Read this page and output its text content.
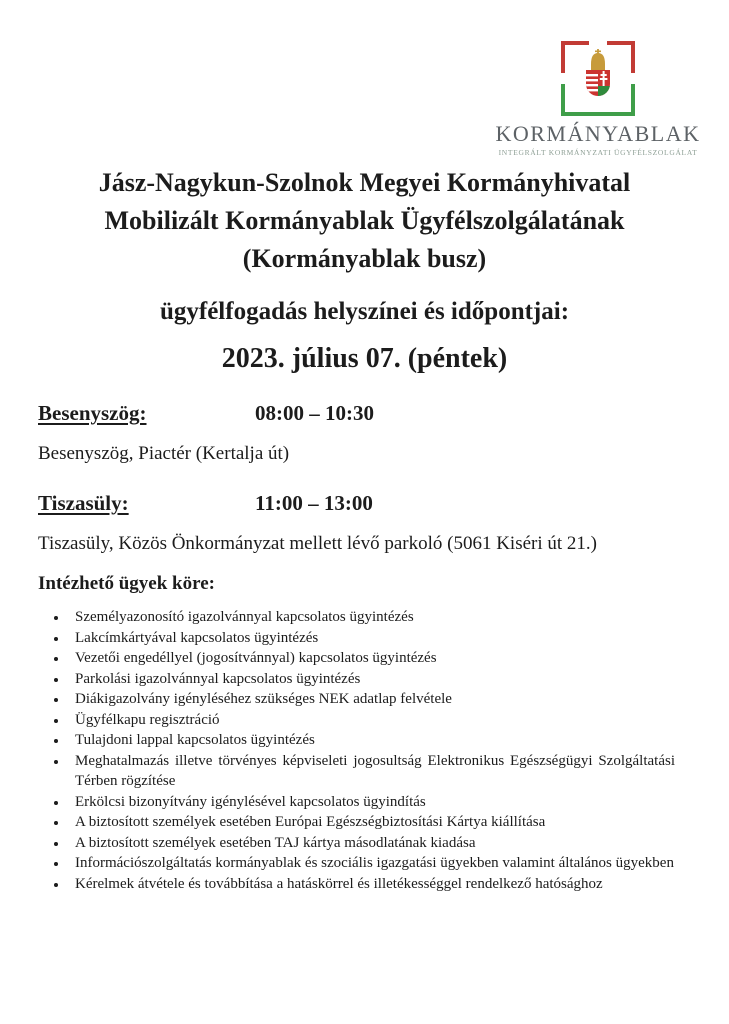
KORMÁNYABLAK
INTEGRÁLT KORMÁNYZATI ÜGYFÉLSZOLGÁLAT
Jász-Nagykun-Szolnok Megyei Kormányhivatal
Mobilizált Kormányablak Ügyfélszolgálatának
(Kormányablak busz)
ügyfélfogadás helyszínei és időpontjai:
2023. július 07. (péntek)
Besenyszög:	08:00 – 10:30
Besenyszög, Piactér (Kertalja út)
Tiszasüly:	11:00 – 13:00
Tiszasüly, Közös Önkormányzat mellett lévő parkoló (5061 Kiséri út 21.)
Intézhető ügyek köre:
• Személyazonosító igazolvánnyal kapcsolatos ügyintézés
• Lakcímkártyával kapcsolatos ügyintézés
• Vezetői engedéllyel (jogosítvánnyal) kapcsolatos ügyintézés
• Parkolási igazolvánnyal kapcsolatos ügyintézés
• Diákigazolvány igényléséhez szükséges NEK adatlap felvétele
• Ügyfélkapu regisztráció
• Tulajdoni lappal kapcsolatos ügyintézés
• Meghatalmazás illetve törvényes képviseleti jogosultság Elektronikus Egészségügyi Szolgáltatási Térben rögzítése
• Erkölcsi bizonyítvány igénylésével kapcsolatos ügyindítás
• A biztosított személyek esetében Európai Egészségbiztosítási Kártya kiállítása
• A biztosított személyek esetében TAJ kártya másodlatának kiadása
• Információszolgáltatás kormányablak és szociális igazgatási ügyekben valamint általános ügyekben
• Kérelmek átvétele és továbbítása a hatáskörrel és illetékességgel rendelkező hatósághoz
